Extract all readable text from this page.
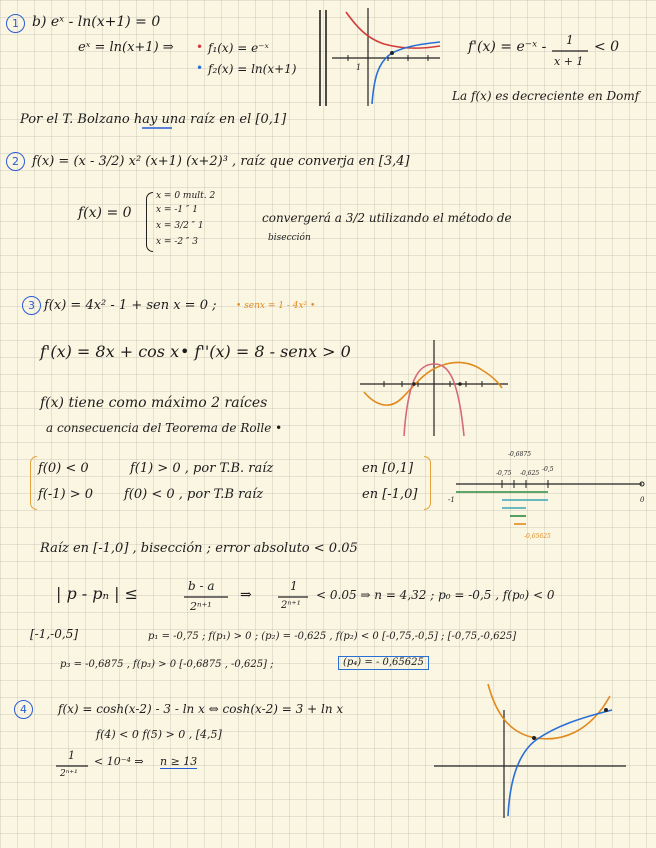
1 b) eˣ - ln(x+1) = 0
eˣ = ln(x+1) ⇒ • f₁(x) = e⁻ˣ
• f₂(x) = ln(x+1)	1
f'(x) = e⁻ˣ - 1
x + 1
< 0
La f(x) es decreciente en Domf
Por el T. Bolzano hay una raíz en el [0,1]
2	f(x) = (x - 3/2) x² (x+1) (x+2)³ , raíz que converja en [3,4]
f(x) = 0
x = 0 mult. 2
x = -1 ″ 1
x = 3/2 ″ 1
x = -2 ″ 3
convergerá a 3/2 utilizando el método de
bisección
3 f(x) = 4x² - 1 + sen x = 0 ; • senx = 1 - 4x² •
f'(x) = 8x + cos x • f''(x) = 8 - senx > 0
f(x) tiene como máximo 2 raíces
a consecuencia del Teorema de Rolle •
f(0) < 0	f(1) > 0 , por T.B. raíz	en [0,1]
f(-1) > 0 f(0) < 0 , por T.B raíz	en [-1,0]
-0,6875
-0,75 -0,625
-0,5
-1	0
-0,65625
Raíz en [-1,0] , bisección ; error absoluto < 0.05
| p - pₙ | ≤	b - a
2ⁿ⁺¹
⇒
1
2ⁿ⁺¹
< 0.05 ⇒ n = 4,32 ; p₀ = -0,5 , f(p₀) < 0
[-1,-0,5]	p₁ = -0,75 ; f(p₁) > 0 ; (p₂) = -0,625 , f(p₂) < 0 [-0,75,-0,5] ; [-0,75,-0,625]
p₃ = -0,6875 , f(p₃) > 0 [-0,6875 , -0,625] ;	(p₄) = - 0,65625
4	f(x) = cosh(x-2) - 3 - ln x ⇔ cosh(x-2) = 3 + ln x
f(4) < 0 f(5) > 0 , [4,5]
1
2ⁿ⁺¹
< 10⁻⁴ ⇒ n ≥ 13
